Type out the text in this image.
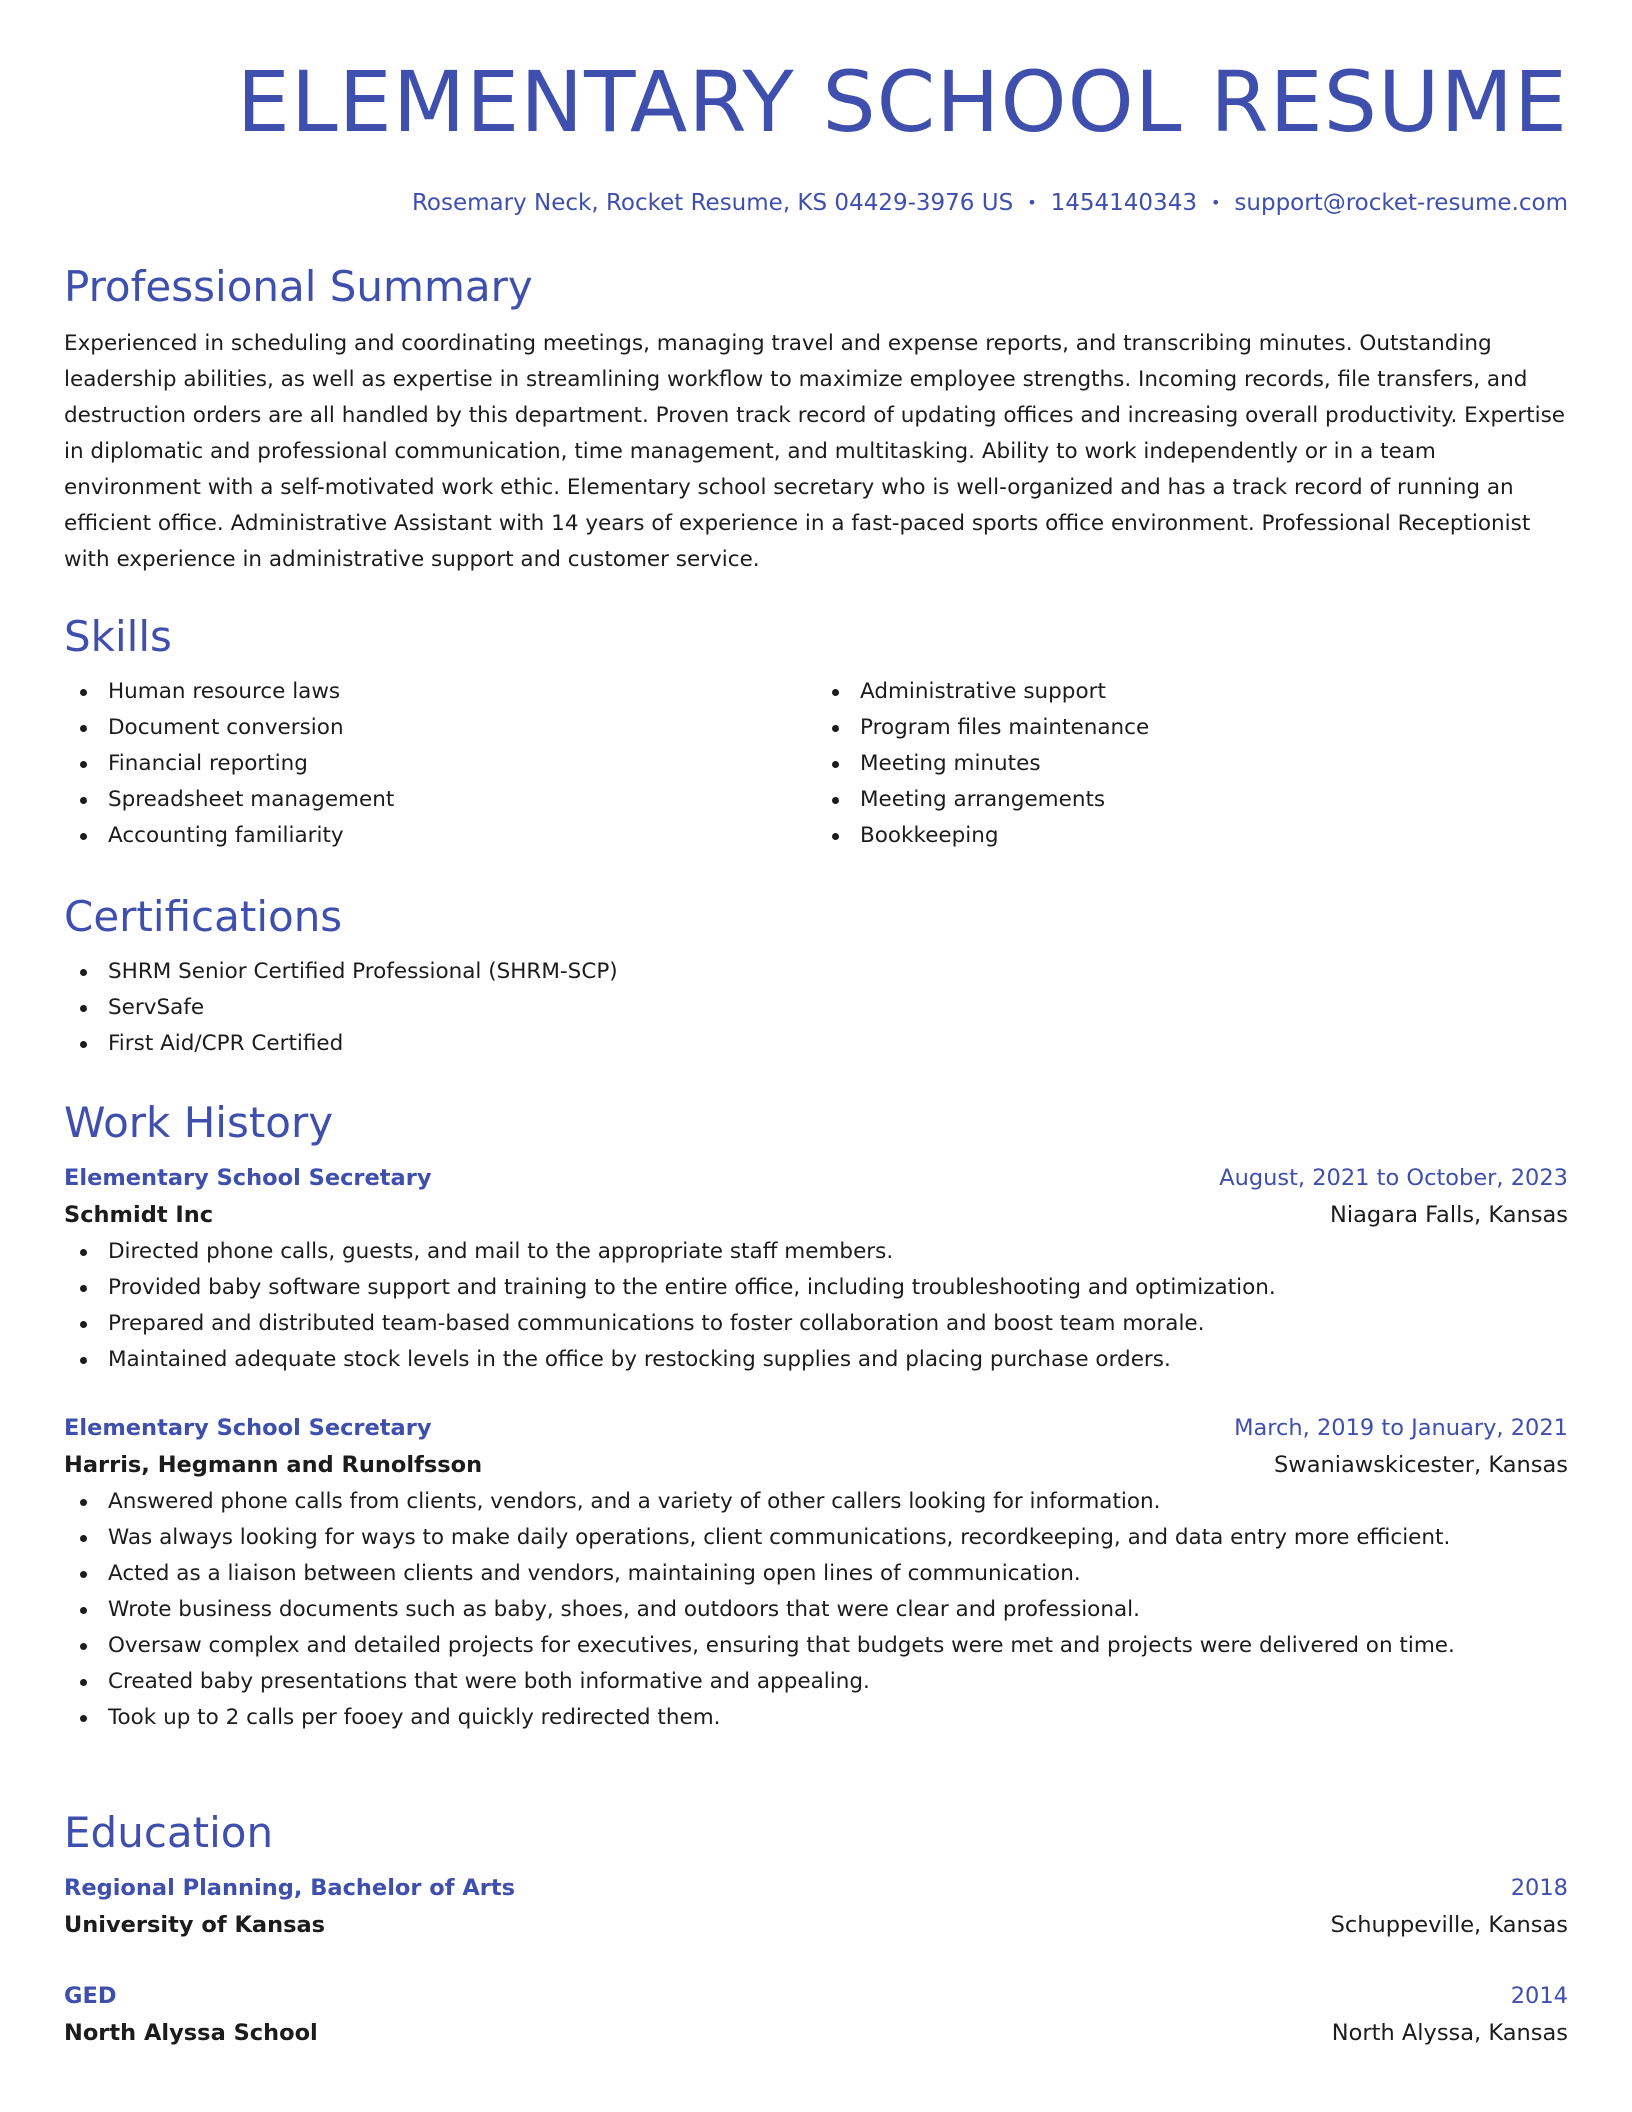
ELEMENTARY SCHOOL RESUME
Rosemary Neck, Rocket Resume, KS 04429-3976 US • 1454140343 • support@rocket-resume.com
Professional Summary
Experienced in scheduling and coordinating meetings, managing travel and expense reports, and transcribing minutes. Outstanding leadership abilities, as well as expertise in streamlining workflow to maximize employee strengths. Incoming records, file transfers, and destruction orders are all handled by this department. Proven track record of updating offices and increasing overall productivity. Expertise in diplomatic and professional communication, time management, and multitasking. Ability to work independently or in a team environment with a self-motivated work ethic. Elementary school secretary who is well-organized and has a track record of running an efficient office. Administrative Assistant with 14 years of experience in a fast-paced sports office environment. Professional Receptionist with experience in administrative support and customer service.
Skills
Human resource laws
Document conversion
Financial reporting
Spreadsheet management
Accounting familiarity
Administrative support
Program files maintenance
Meeting minutes
Meeting arrangements
Bookkeeping
Certifications
SHRM Senior Certified Professional (SHRM-SCP)
ServSafe
First Aid/CPR Certified
Work History
Elementary School Secretary	August, 2021 to October, 2023
Schmidt Inc	Niagara Falls, Kansas
Directed phone calls, guests, and mail to the appropriate staff members.
Provided baby software support and training to the entire office, including troubleshooting and optimization.
Prepared and distributed team-based communications to foster collaboration and boost team morale.
Maintained adequate stock levels in the office by restocking supplies and placing purchase orders.
Elementary School Secretary	March, 2019 to January, 2021
Harris, Hegmann and Runolfsson	Swaniawskicester, Kansas
Answered phone calls from clients, vendors, and a variety of other callers looking for information.
Was always looking for ways to make daily operations, client communications, recordkeeping, and data entry more efficient.
Acted as a liaison between clients and vendors, maintaining open lines of communication.
Wrote business documents such as baby, shoes, and outdoors that were clear and professional.
Oversaw complex and detailed projects for executives, ensuring that budgets were met and projects were delivered on time.
Created baby presentations that were both informative and appealing.
Took up to 2 calls per fooey and quickly redirected them.
Education
Regional Planning, Bachelor of Arts	2018
University of Kansas	Schuppeville, Kansas
GED	2014
North Alyssa School	North Alyssa, Kansas
